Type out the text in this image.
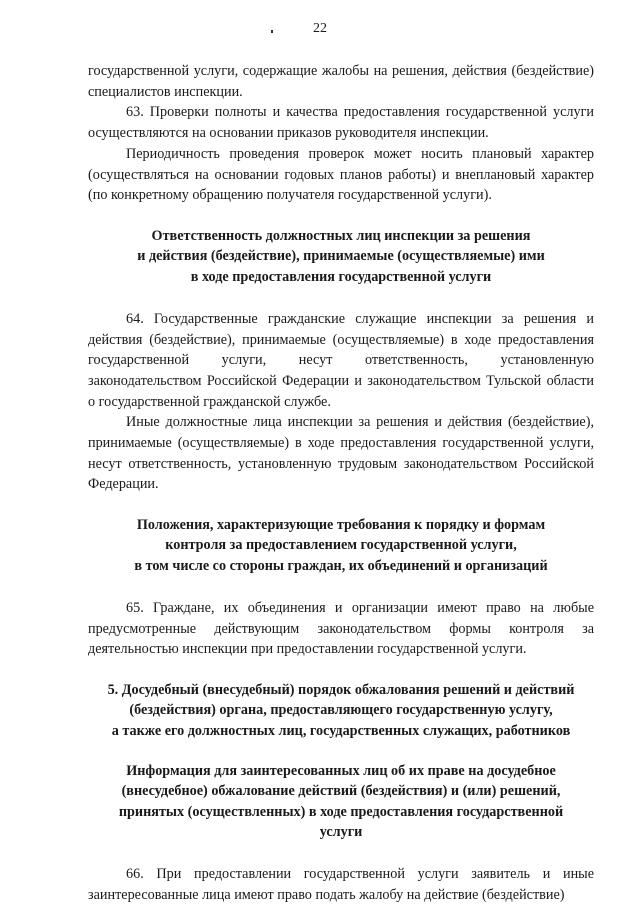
22

государственной услуги, содержащие жалобы на решения, действия (бездействие) специалистов инспекции.

63. Проверки полноты и качества предоставления государственной услуги осуществляются на основании приказов руководителя инспекции.

Периодичность проведения проверок может носить плановый характер (осуществляться на основании годовых планов работы) и внеплановый характер (по конкретному обращению получателя государственной услуги).

Ответственность должностных лиц инспекции за решения
и действия (бездействие), принимаемые (осуществляемые) ими
в ходе предоставления государственной услуги

64. Государственные гражданские служащие инспекции за решения и действия (бездействие), принимаемые (осуществляемые) в ходе предоставления государственной услуги, несут ответственность, установленную законодательством Российской Федерации и законодательством Тульской области о государственной гражданской службе.

Иные должностные лица инспекции за решения и действия (бездействие), принимаемые (осуществляемые) в ходе предоставления государственной услуги, несут ответственность, установленную трудовым законодательством Российской Федерации.

Положения, характеризующие требования к порядку и формам
контроля за предоставлением государственной услуги,
в том числе со стороны граждан, их объединений и организаций

65. Граждане, их объединения и организации имеют право на любые предусмотренные действующим законодательством формы контроля за деятельностью инспекции при предоставлении государственной услуги.

5. Досудебный (внесудебный) порядок обжалования решений и действий
(бездействия) органа, предоставляющего государственную услугу,
а также его должностных лиц, государственных служащих, работников
Информация для заинтересованных лиц об их праве на досудебное
(внесудебное) обжалование действий (бездействия) и (или) решений,
принятых (осуществленных) в ходе предоставления государственной
услуги

66. При предоставлении государственной услуги заявитель и иные заинтересованные лица имеют право подать жалобу на действие (бездействие)
